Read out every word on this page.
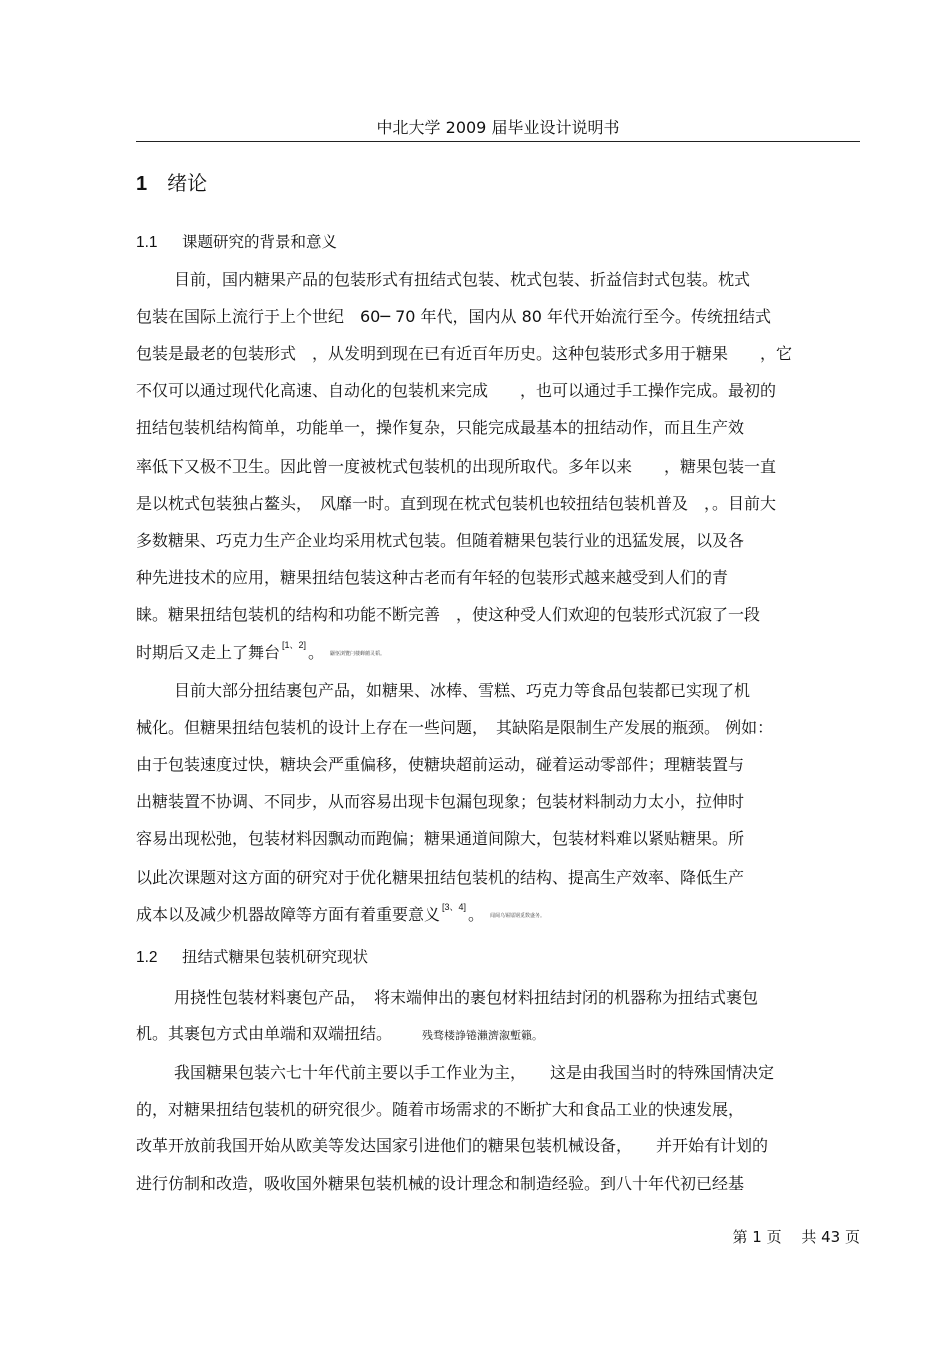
中北大学 2009 届毕业设计说明书
1 绪论
1.1 课题研究的背景和意义
目前，国内糖果产品的包装形式有扭结式包装、枕式包装、折益信封式包装。枕式
包装在国际上流行于上个世纪　60─ 70 年代，国内从 80 年代开始流行至今。传统扭结式
包装是最老的包装形式　，从发明到现在已有近百年历史。这种包装形式多用于糖果　　，它
不仅可以通过现代化高速、自动化的包装机来完成　　，也可以通过手工操作完成。最初的
扭结包装机结构简单，功能单一，操作复杂，只能完成最基本的扭结动作，而且生产效
率低下又极不卫生。因此曾一度被枕式包装机的出现所取代。多年以来　　，糖果包装一直
是以枕式包装独占鳌头，　风靡一时。直到现在枕式包装机也较扭结包装机普及　，。目前大
多数糖果、巧克力生产企业均采用枕式包装。但随着糖果包装行业的迅猛发展，以及各
种先进技术的应用，糖果扭结包装这种古老而有年轻的包装形式越来越受到人们的青
睐。糖果扭结包装机的结构和功能不断完善　，使这种受人们欢迎的包装形式沉寂了一段
时期后又走上了舞台 [1、2] 。 鼴怄浏覽闩楼蝉藺灵韬。
目前大部分扭结裹包产品，如糖果、冰棒、雪糕、巧克力等食品包装都已实现了机
械化。但糖果扭结包装机的设计上存在一些问题，　其缺陷是限制生产发展的瓶颈。 例如：
由于包装速度过快，糖块会严重偏移，使糖块超前运动，碰着运动零部件；理糖装置与
出糖装置不协调、不同步，从而容易出现卡包漏包现象；包装材料制动力太小，拉伸时
容易出现松弛，包装材料因飘动而跑偏；糖果通道间隙大，包装材料难以紧贴糖果。所
以此次课题对这方面的研究对于优化糖果扭结包装机的结构、提高生产效率、降低生产
成本以及减少机器故障等方面有着重要意义 [3、4] 。 闻阔乌锡镭钢觅数盛务。
1.2 扭结式糖果包装机研究现状
用挠性包装材料裹包产品，　将末端伸出的裹包材料扭结封闭的机器称为扭结式裹包
机。其裹包方式由单端和双端扭结。	残骛楼諍锩瀨濟溆塹籟。
我国糖果包装六七十年代前主要以手工作业为主，　　这是由我国当时的特殊国情决定
的，对糖果扭结包装机的研究很少。随着市场需求的不断扩大和食品工业的快速发展，
改革开放前我国开始从欧美等发达国家引进他们的糖果包装机械设备，　　并开始有计划的
进行仿制和改造，吸收国外糖果包装机械的设计理念和制造经验。到八十年代初已经基
第 1 页　 共 43 页
